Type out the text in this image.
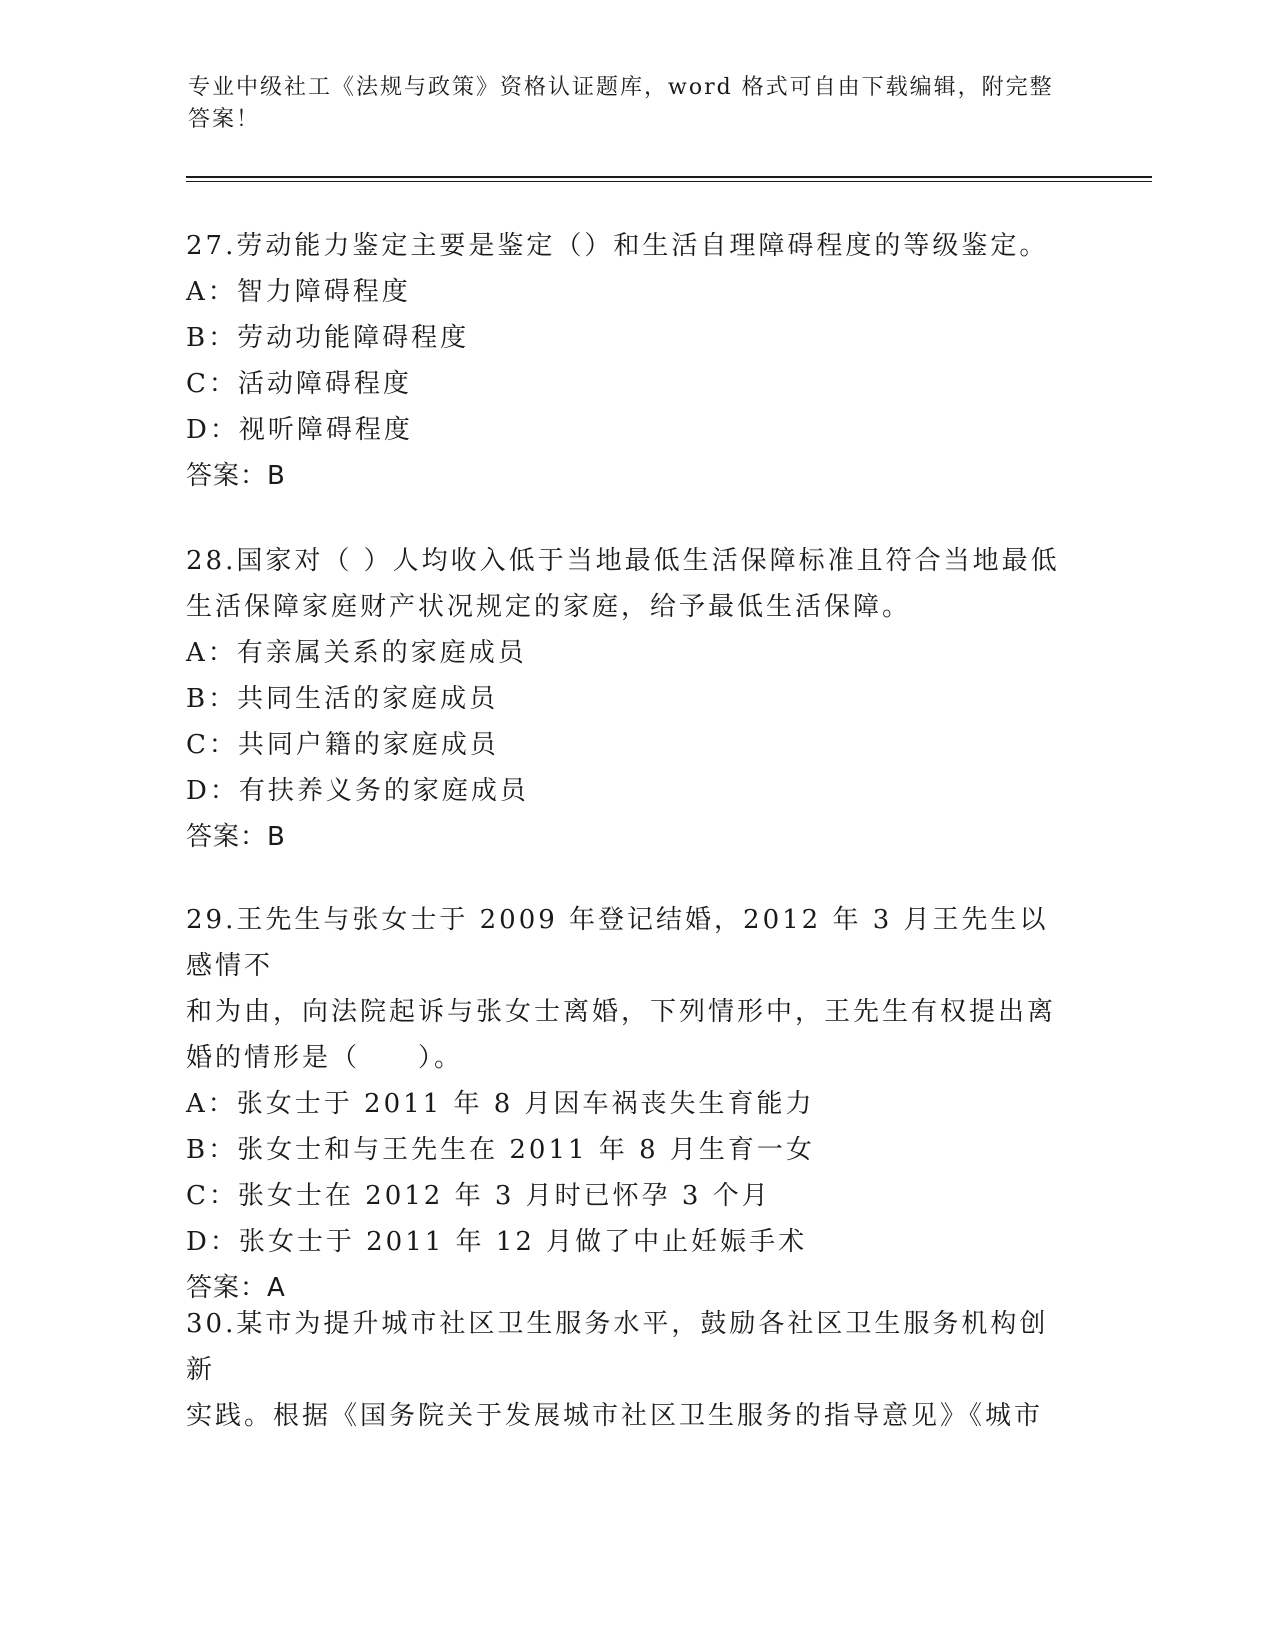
专业中级社工《法规与政策》资格认证题库，word 格式可自由下载编辑，附完整
答案！

27.劳动能力鉴定主要是鉴定（）和生活自理障碍程度的等级鉴定。

A：智力障碍程度

B：劳动功能障碍程度

C：活动障碍程度

D：视听障碍程度

答案：B

28.国家对（ ）人均收入低于当地最低生活保障标准且符合当地最低

生活保障家庭财产状况规定的家庭，给予最低生活保障。

A：有亲属关系的家庭成员

B：共同生活的家庭成员

C：共同户籍的家庭成员

D：有扶养义务的家庭成员

答案：B

29.王先生与张女士于 2009 年登记结婚，2012 年 3 月王先生以感情不

和为由，向法院起诉与张女士离婚，下列情形中，王先生有权提出离

婚的情形是（　　）。

A：张女士于 2011 年 8 月因车祸丧失生育能力

B：张女士和与王先生在 2011 年 8 月生育一女

C：张女士在 2012 年 3 月时已怀孕 3 个月

D：张女士于 2011 年 12 月做了中止妊娠手术

答案：A

30.某市为提升城市社区卫生服务水平，鼓励各社区卫生服务机构创新

实践。根据《国务院关于发展城市社区卫生服务的指导意见》《城市
